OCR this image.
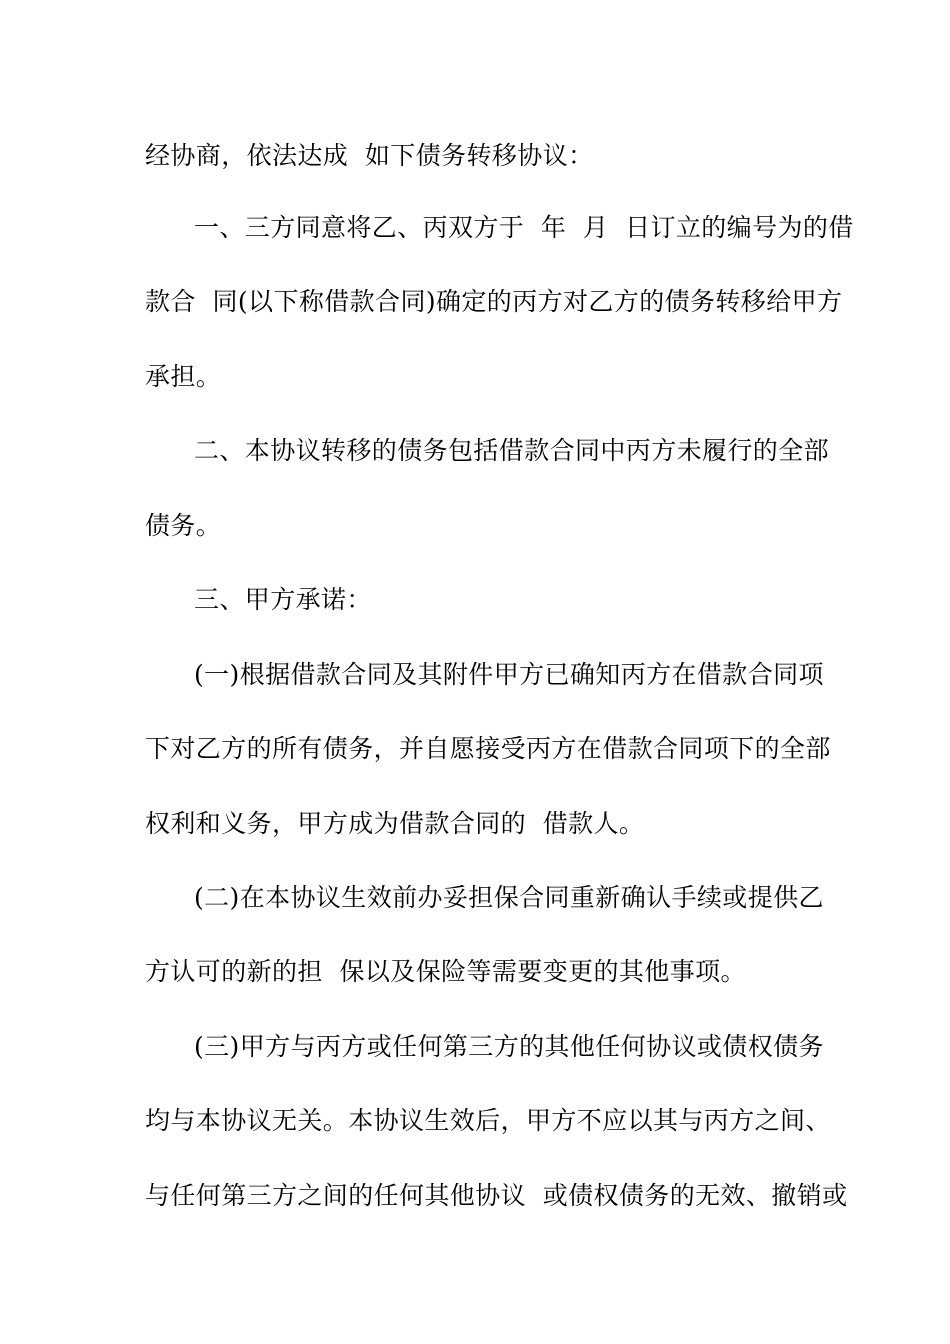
经协商，依法达成  如下债务转移协议：
一、三方同意将乙、丙双方于  年  月  日订立的编号为的借
款合  同(以下称借款合同)确定的丙方对乙方的债务转移给甲方
承担。
二、本协议转移的债务包括借款合同中丙方未履行的全部
债务。
三、甲方承诺：
(一)根据借款合同及其附件甲方已确知丙方在借款合同项
下对乙方的所有债务，并自愿接受丙方在借款合同项下的全部
权利和义务，甲方成为借款合同的  借款人。
(二)在本协议生效前办妥担保合同重新确认手续或提供乙
方认可的新的担  保以及保险等需要变更的其他事项。
(三)甲方与丙方或任何第三方的其他任何协议或债权债务
均与本协议无关。本协议生效后，甲方不应以其与丙方之间、
与任何第三方之间的任何其他协议  或债权债务的无效、撤销或
